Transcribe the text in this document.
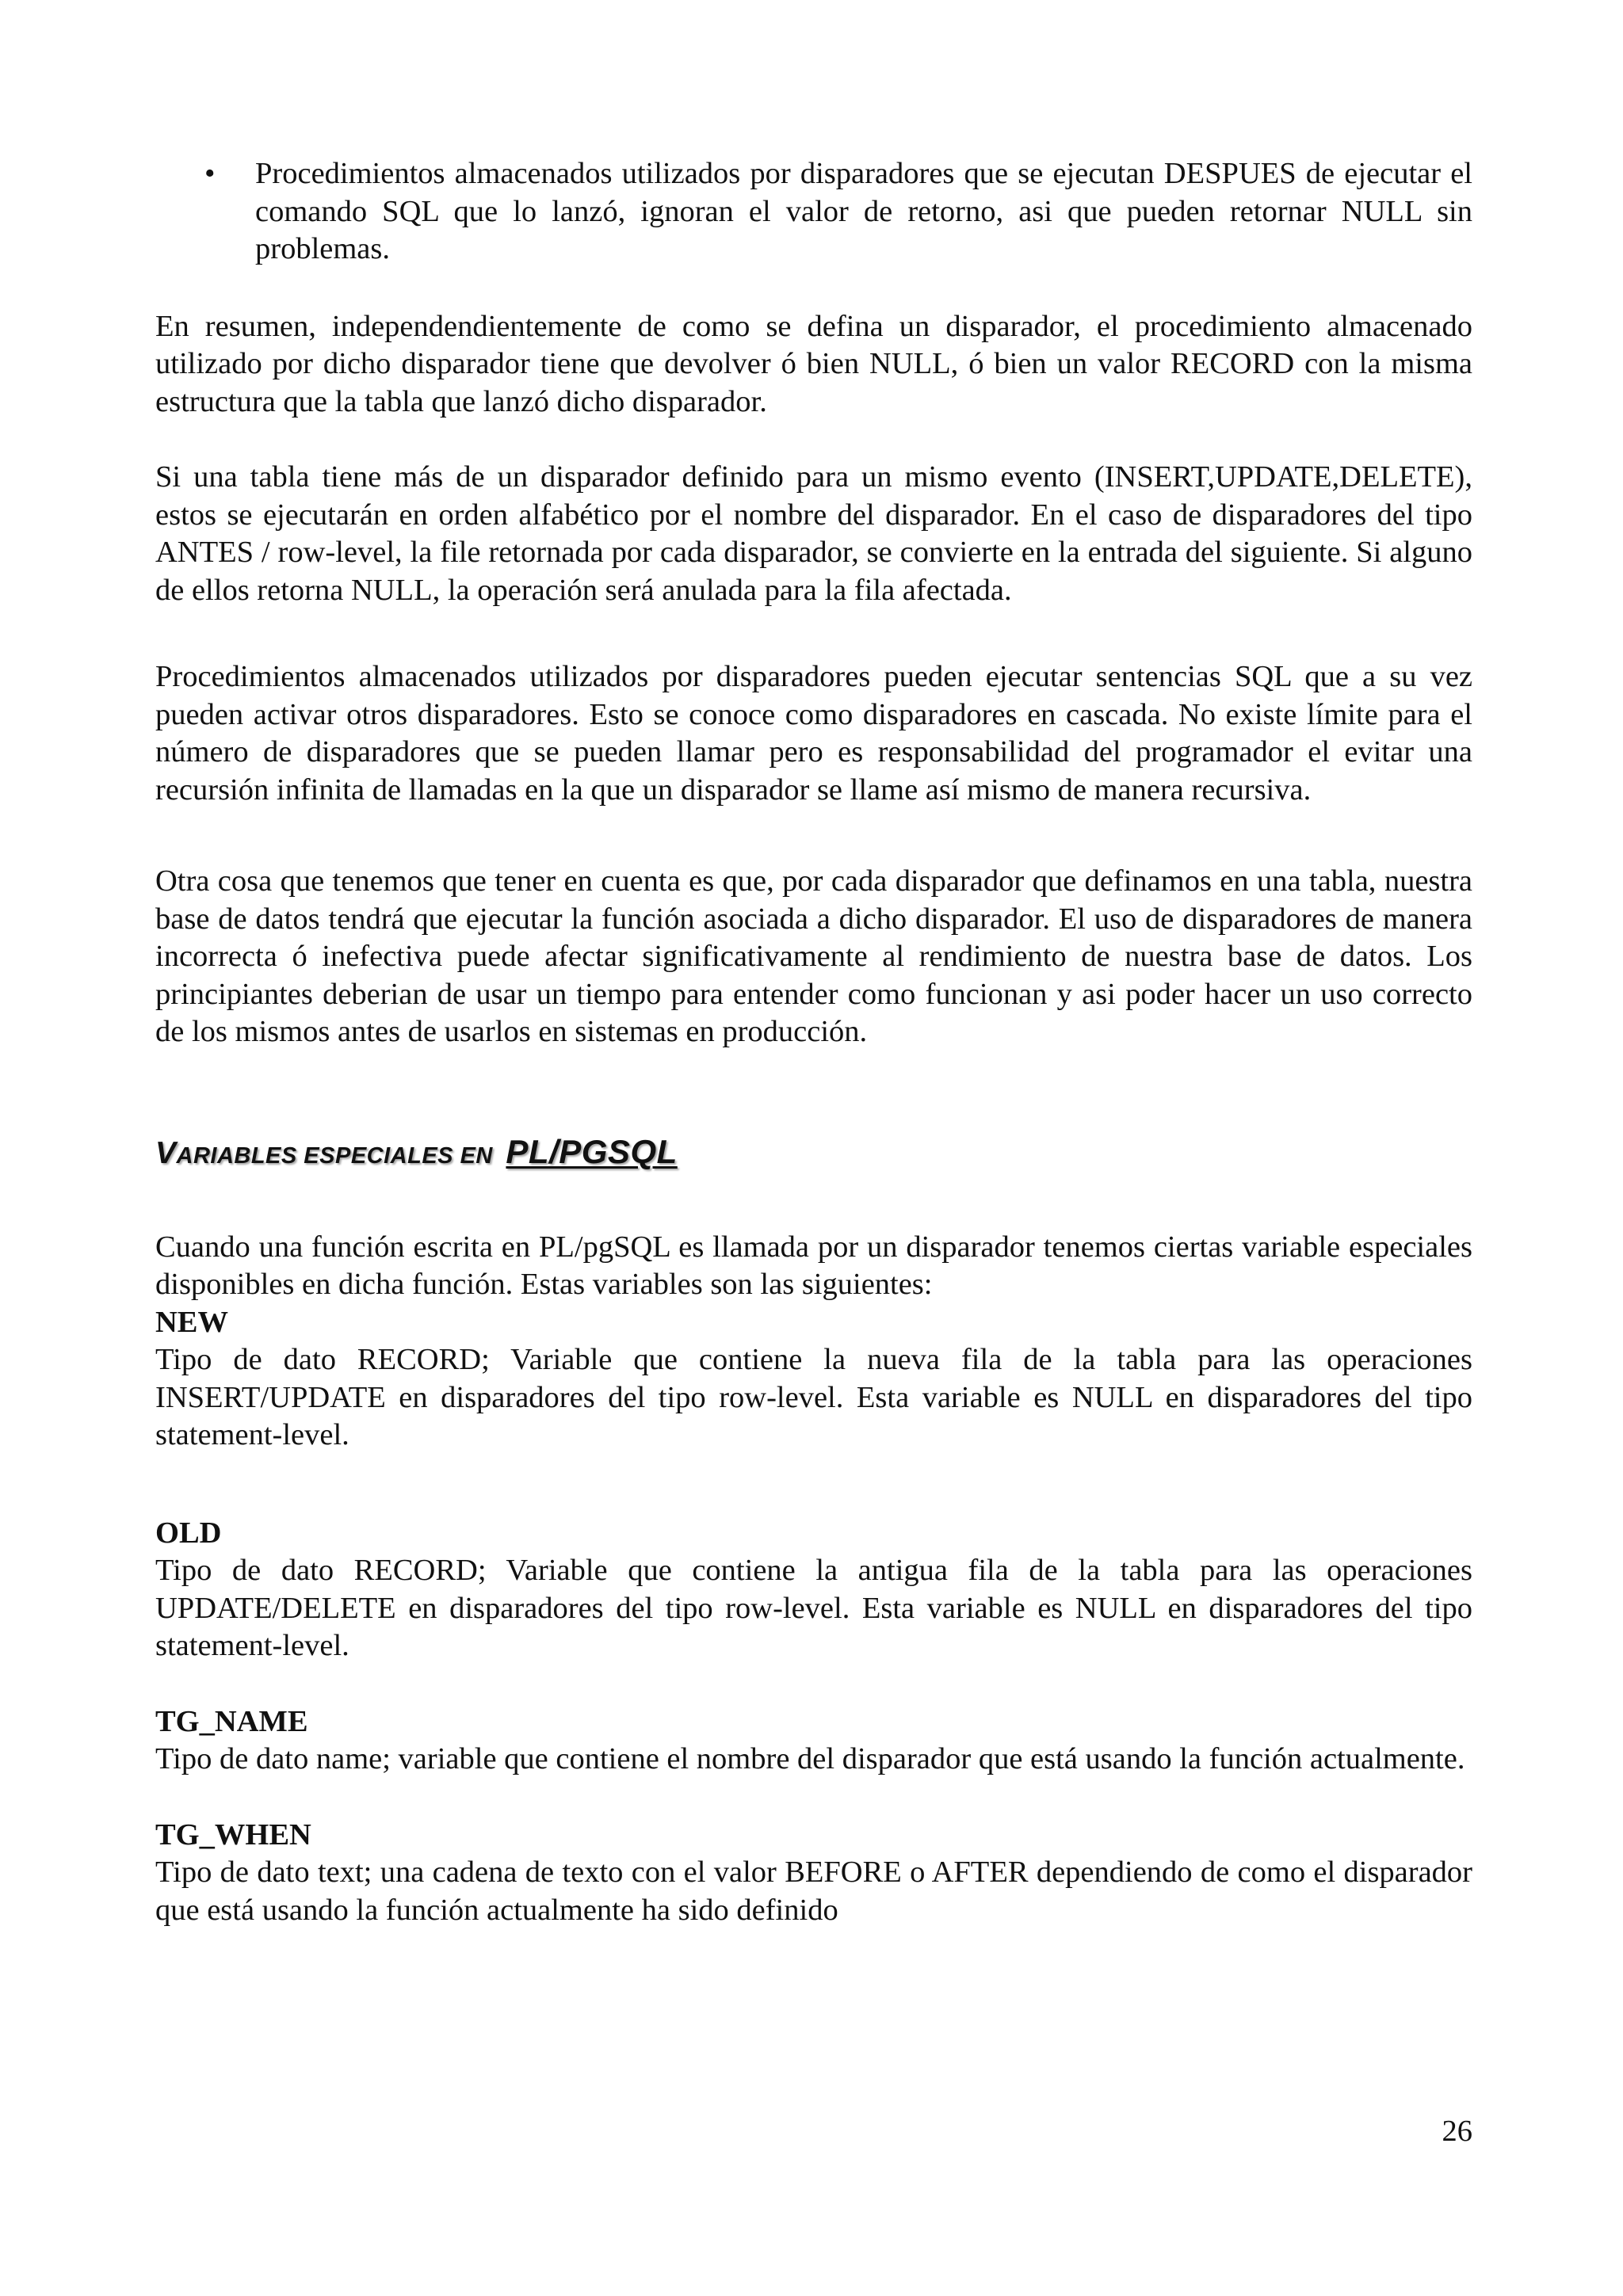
• Procedimientos almacenados utilizados por disparadores que se ejecutan DESPUES de ejecutar el comando SQL que lo lanzó, ignoran el valor de retorno, asi que pueden retornar NULL sin problemas.

En resumen, independendientemente de como se defina un disparador, el procedimiento almacenado utilizado por dicho disparador tiene que devolver ó bien NULL, ó bien un valor RECORD con la misma estructura que la tabla que lanzó dicho disparador.

Si una tabla tiene más de un disparador definido para un mismo evento (INSERT,UPDATE,DELETE), estos se ejecutarán en orden alfabético por el nombre del disparador. En el caso de disparadores del tipo ANTES / row-level, la file retornada por cada disparador, se convierte en la entrada del siguiente. Si alguno de ellos retorna NULL, la operación será anulada para la fila afectada.

Procedimientos almacenados utilizados por disparadores pueden ejecutar sentencias SQL que a su vez pueden activar otros disparadores. Esto se conoce como disparadores en cascada. No existe límite para el número de disparadores que se pueden llamar pero es responsabilidad del programador el evitar una recursión infinita de llamadas en la que un disparador se llame así mismo de manera recursiva.

Otra cosa que tenemos que tener en cuenta es que, por cada disparador que definamos en una tabla, nuestra base de datos tendrá que ejecutar la función asociada a dicho disparador. El uso de disparadores de manera incorrecta ó inefectiva puede afectar significativamente al rendimiento de nuestra base de datos. Los principiantes deberian de usar un tiempo para entender como funcionan y asi poder hacer un uso correcto de los mismos antes de usarlos en sistemas en producción.

VARIABLES ESPECIALES EN PL/PGSQL

Cuando una función escrita en PL/pgSQL es llamada por un disparador tenemos ciertas variable especiales disponibles en dicha función. Estas variables son las siguientes:

NEW

Tipo de dato RECORD; Variable que contiene la nueva fila de la tabla para las operaciones INSERT/UPDATE en disparadores del tipo row-level. Esta variable es NULL en disparadores del tipo statement-level.

OLD

Tipo de dato RECORD; Variable que contiene la antigua fila de la tabla para las operaciones UPDATE/DELETE en disparadores del tipo row-level. Esta variable es NULL en disparadores del tipo statement-level.

TG_NAME

Tipo de dato name; variable que contiene el nombre del disparador que está usando la función actualmente.

TG_WHEN

Tipo de dato text; una cadena de texto con el valor BEFORE o AFTER dependiendo de como el disparador que está usando la función actualmente ha sido definido

26
